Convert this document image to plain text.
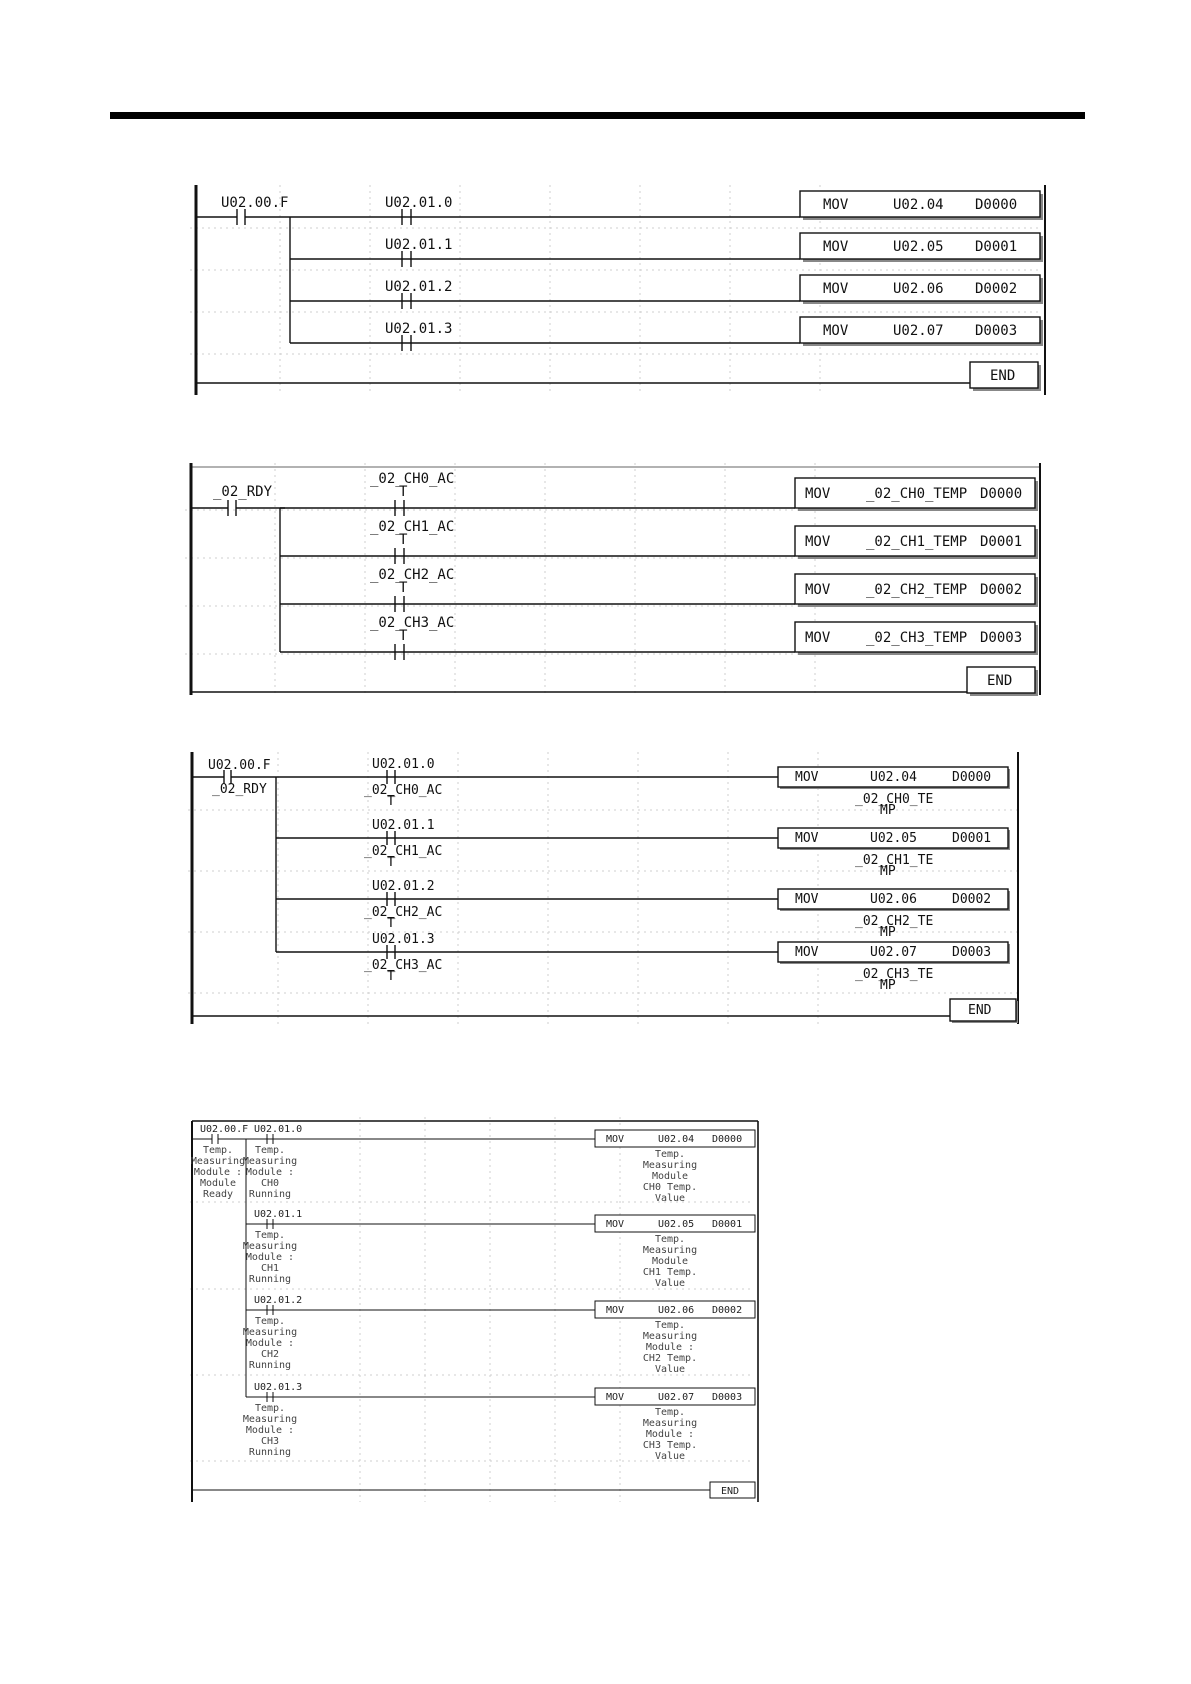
U02.00.F	U02.01.0
U02.01.1
U02.01.2
U02.01.3
MOV	U02.04 D0000
MOV	U02.05 D0001
MOV	U02.06 D0002
MOV	U02.07 D0003
END
_02_RDY
_02_CH0_AC
T
_02_CH1_AC
T
_02_CH2_AC
T
_02_CH3_AC
T
MOV	_02_CH0_TEMP D0000
MOV	_02_CH1_TEMP D0001
MOV	_02_CH2_TEMP D0002
MOV	_02_CH3_TEMP D0003
END
U02.00.F
_02_RDY
U02.01.0
_02_CH0_AC
T
U02.01.1
_02_CH1_AC
T
U02.01.2
_02_CH2_AC
T
U02.01.3
_02_CH3_AC
T
MOV	U02.04	D0000
_02_CH0_TE
MP
MOV	U02.05	D0001
_02_CH1_TE
MP
MOV	U02.06	D0002
_02_CH2_TE
MP
MOV	U02.07	D0003
_02_CH3_TE
MP
END
U02.00.F
Temp.
Measuring
Module :
Module
Ready
U02.01.0
Temp.
Measuring
Module :
CH0
Running
U02.01.1
Temp.
Measuring
Module :
CH1
Running
U02.01.2
Temp.
Measuring
Module :
CH2
Running
U02.01.3
Temp.
Measuring
Module :
CH3
Running
MOV	U02.04 D0000
Temp.
Measuring
Module
CH0 Temp.
Value
MOV	U02.05 D0001
Temp.
Measuring
Module
CH1 Temp.
Value
MOV	U02.06 D0002
Temp.
Measuring
Module :
CH2 Temp.
Value
MOV	U02.07 D0003
Temp.
Measuring
Module :
CH3 Temp.
Value
END
